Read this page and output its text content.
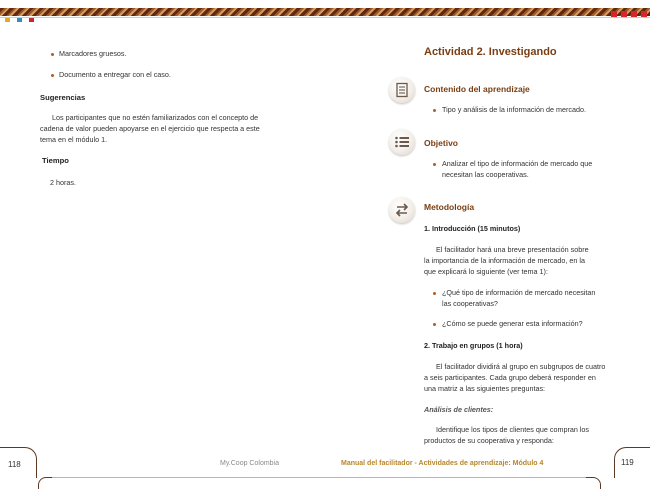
Marcadores gruesos.

Documento a entregar con el caso.

Sugerencias

Los participantes que no estén familiarizados con el concepto de

cadena de valor pueden apoyarse en el ejercicio que respecta a este

tema en el módulo 1.

Tiempo

2 horas.

118	My.Coop Colombia
Actividad 2. Investigando
Contenido del aprendizaje

Tipo y análisis de la información de mercado.

Objetivo

Analizar el tipo de información de mercado que

necesitan las cooperativas.

Metodología

1. Introducción (15 minutos)

El facilitador hará una breve presentación sobre

la importancia de la información de mercado, en la

que explicará lo siguiente (ver tema 1):

¿Qué tipo de información de mercado necesitan

las cooperativas?

¿Cómo se puede generar esta información?

2. Trabajo en grupos (1 hora)

El facilitador dividirá al grupo en subgrupos de cuatro

a seis participantes. Cada grupo deberá responder en

una matriz a las siguientes preguntas:

Análisis de clientes:

Identifique los tipos de clientes que compran los

productos de su cooperativa y responda:

Manual del facilitador - Actividades de aprendizaje: Módulo 4	119
